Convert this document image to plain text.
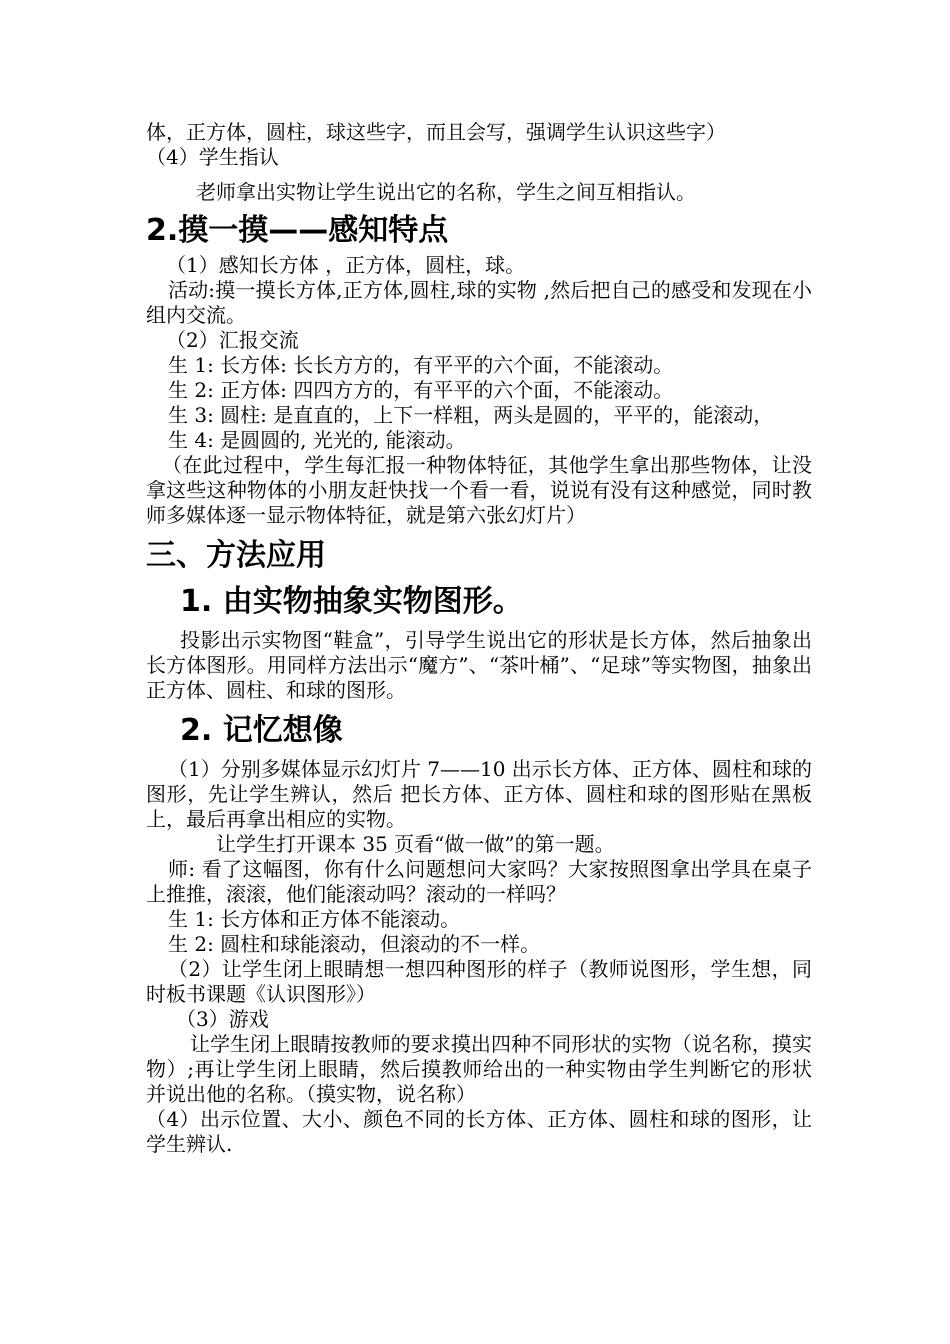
体，正方体，圆柱，球这些字，而且会写，强调学生认识这些字）

（4）学生指认

老师拿出实物让学生说出它的名称，学生之间互相指认。

2.摸一摸——感知特点

（1）感知长方体 ，正方体，圆柱，球。

活动:摸一摸长方体,正方体,圆柱,球的实物 ,然后把自己的感受和发现在小组内交流。

（2）汇报交流

生 1: 长方体: 长长方方的，有平平的六个面，不能滚动。

生 2: 正方体: 四四方方的，有平平的六个面，不能滚动。

生 3: 圆柱: 是直直的，上下一样粗，两头是圆的，平平的，能滚动，

生 4: 是圆圆的, 光光的, 能滚动。

（在此过程中，学生每汇报一种物体特征，其他学生拿出那些物体，让没拿这些这种物体的小朋友赶快找一个看一看，说说有没有这种感觉，同时教师多媒体逐一显示物体特征，就是第六张幻灯片）

三、方法应用
1. 由实物抽象实物图形。

投影出示实物图“鞋盒”，引导学生说出它的形状是长方体，然后抽象出长方体图形。用同样方法出示“魔方”、“茶叶桶”、“足球”等实物图，抽象出正方体、圆柱、和球的图形。

2. 记忆想像

（1）分别多媒体显示幻灯片 7——10 出示长方体、正方体、圆柱和球的图形，先让学生辨认，然后 把长方体、正方体、圆柱和球的图形贴在黑板上，最后再拿出相应的实物。

让学生打开课本 35 页看“做一做”的第一题。

师: 看了这幅图，你有什么问题想问大家吗？大家按照图拿出学具在桌子上推推，滚滚，他们能滚动吗？滚动的一样吗？

生 1: 长方体和正方体不能滚动。

生 2: 圆柱和球能滚动，但滚动的不一样。

（2）让学生闭上眼睛想一想四种图形的样子（教师说图形，学生想，同时板书课题《认识图形》）

（3）游戏

让学生闭上眼睛按教师的要求摸出四种不同形状的实物（说名称，摸实物）;再让学生闭上眼睛，然后摸教师给出的一种实物由学生判断它的形状并说出他的名称。（摸实物，说名称）

（4）出示位置、大小、颜色不同的长方体、正方体、圆柱和球的图形，让学生辨认.
